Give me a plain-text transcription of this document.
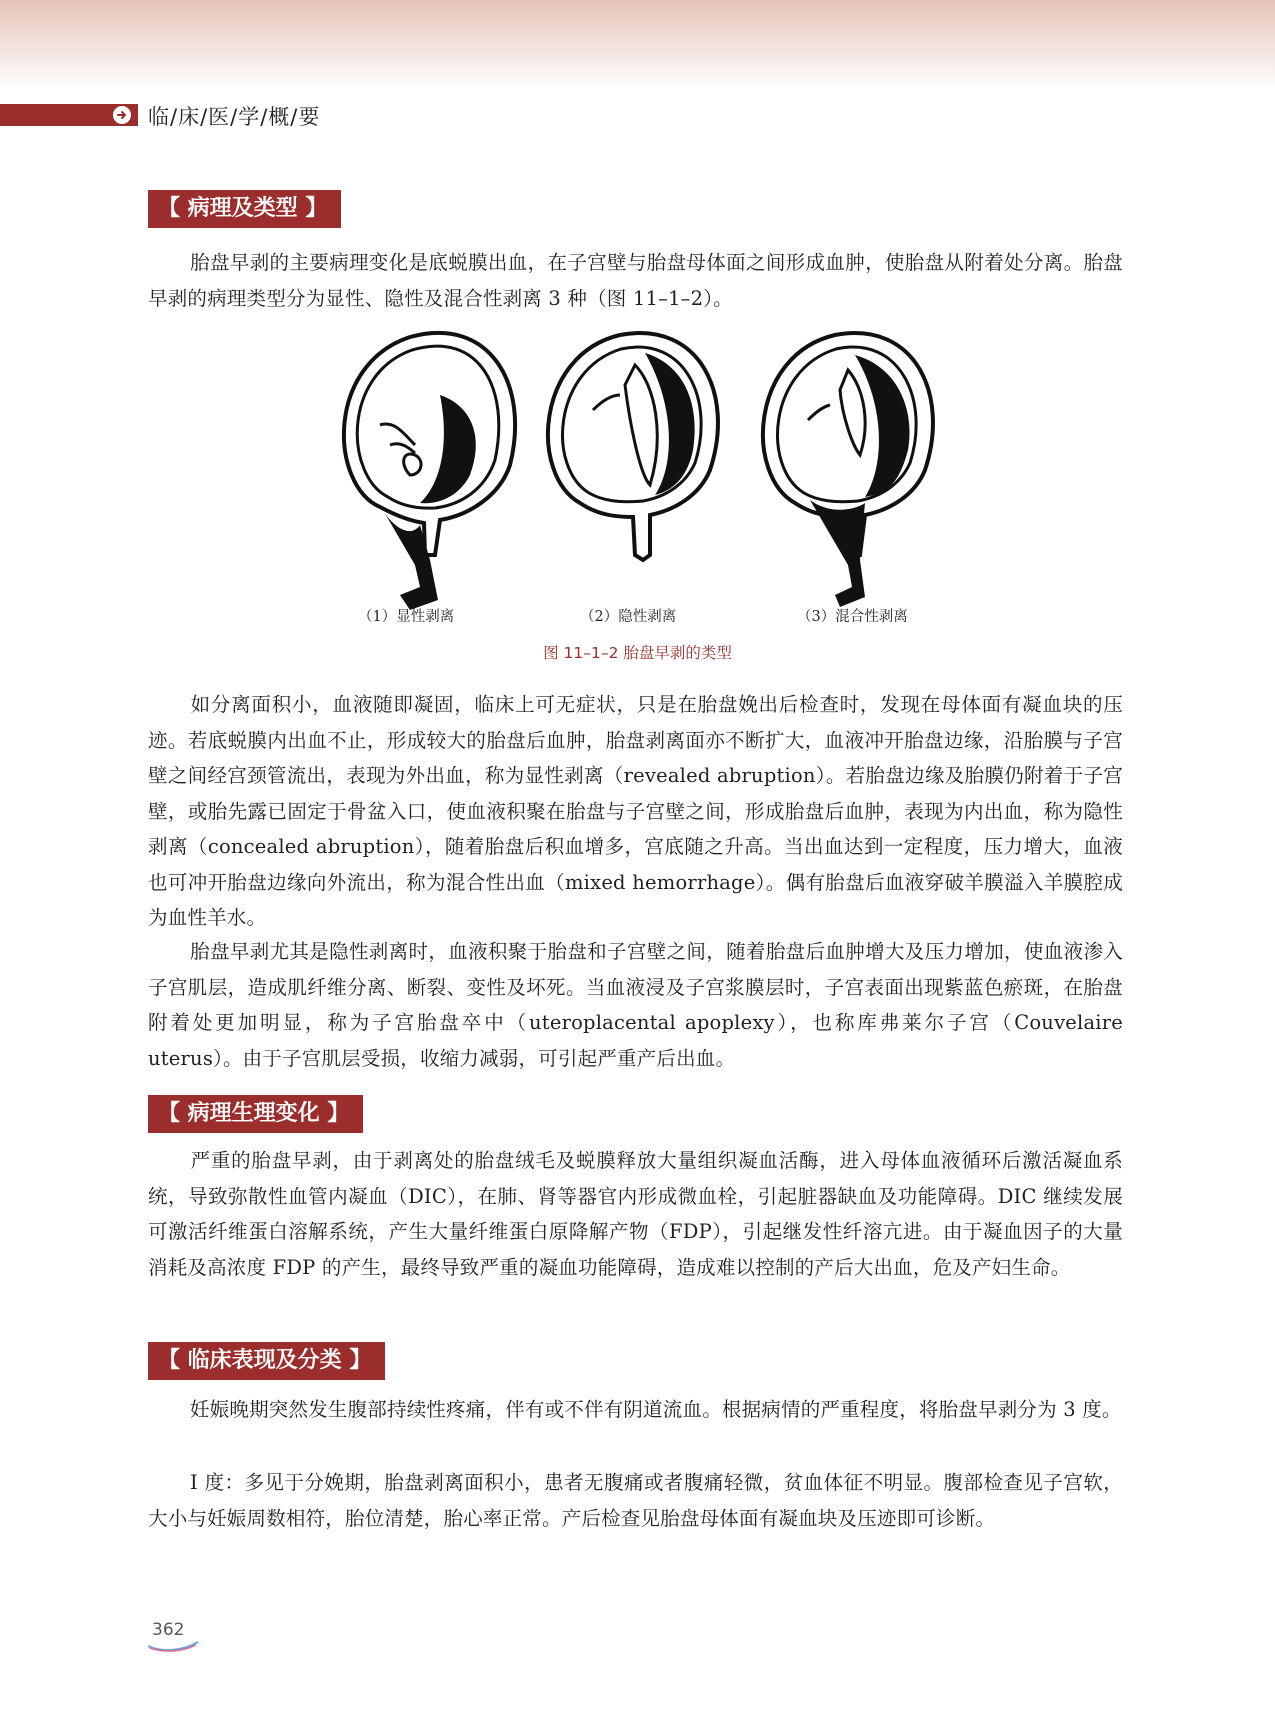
临/床/医/学/概/要
【 病理及类型 】

胎盘早剥的主要病理变化是底蜕膜出血，在子宫壁与胎盘母体面之间形成血肿，使胎盘从附着处分离。胎盘早剥的病理类型分为显性、隐性及混合性剥离 3 种（图 11–1–2）。

（1）显性剥离	（2）隐性剥离	（3）混合性剥离
图 11–1–2 胎盘早剥的类型

如分离面积小，血液随即凝固，临床上可无症状，只是在胎盘娩出后检查时，发现在母体面有凝血块的压迹。若底蜕膜内出血不止，形成较大的胎盘后血肿，胎盘剥离面亦不断扩大，血液冲开胎盘边缘，沿胎膜与子宫壁之间经宫颈管流出，表现为外出血，称为显性剥离（revealed abruption）。若胎盘边缘及胎膜仍附着于子宫壁，或胎先露已固定于骨盆入口，使血液积聚在胎盘与子宫壁之间，形成胎盘后血肿，表现为内出血，称为隐性剥离（concealed abruption），随着胎盘后积血增多，宫底随之升高。当出血达到一定程度，压力增大，血液也可冲开胎盘边缘向外流出，称为混合性出血（mixed hemorrhage）。偶有胎盘后血液穿破羊膜溢入羊膜腔成为血性羊水。

胎盘早剥尤其是隐性剥离时，血液积聚于胎盘和子宫壁之间，随着胎盘后血肿增大及压力增加，使血液渗入子宫肌层，造成肌纤维分离、断裂、变性及坏死。当血液浸及子宫浆膜层时，子宫表面出现紫蓝色瘀斑，在胎盘附着处更加明显，称为子宫胎盘卒中（uteroplacental apoplexy），也称库弗莱尔子宫（Couvelaire uterus）。由于子宫肌层受损，收缩力减弱，可引起严重产后出血。

【 病理生理变化 】

严重的胎盘早剥，由于剥离处的胎盘绒毛及蜕膜释放大量组织凝血活酶，进入母体血液循环后激活凝血系统，导致弥散性血管内凝血（DIC），在肺、肾等器官内形成微血栓，引起脏器缺血及功能障碍。DIC 继续发展可激活纤维蛋白溶解系统，产生大量纤维蛋白原降解产物（FDP），引起继发性纤溶亢进。由于凝血因子的大量消耗及高浓度 FDP 的产生，最终导致严重的凝血功能障碍，造成难以控制的产后大出血，危及产妇生命。

【 临床表现及分类 】

妊娠晚期突然发生腹部持续性疼痛，伴有或不伴有阴道流血。根据病情的严重程度，将胎盘早剥分为 3 度。

I 度：多见于分娩期，胎盘剥离面积小，患者无腹痛或者腹痛轻微，贫血体征不明显。腹部检查见子宫软，大小与妊娠周数相符，胎位清楚，胎心率正常。产后检查见胎盘母体面有凝血块及压迹即可诊断。

362
